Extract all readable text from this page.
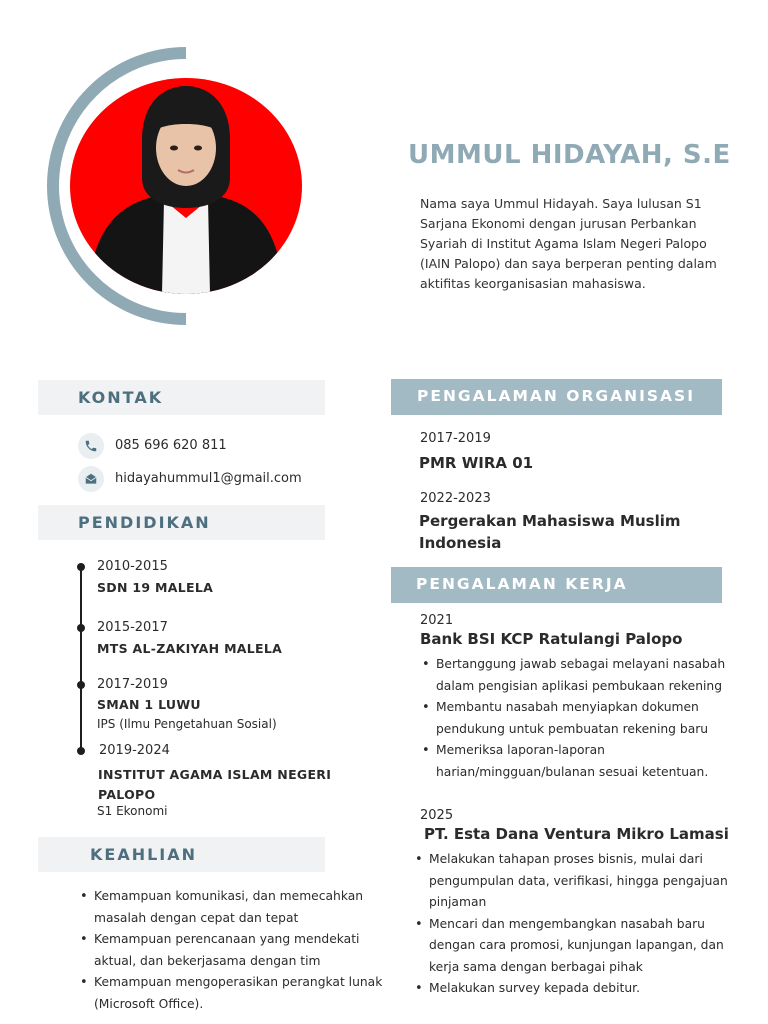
UMMUL HIDAYAH, S.E
Nama saya Ummul Hidayah. Saya lulusan S1 Sarjana Ekonomi dengan jurusan Perbankan Syariah di Institut Agama Islam Negeri Palopo (IAIN Palopo) dan saya berperan penting dalam aktifitas keorganisasian mahasiswa.
KONTAK
085 696 620 811
hidayahummul1@gmail.com
PENDIDIKAN
2010-2015
SDN 19 MALELA
2015-2017
MTS AL-ZAKIYAH MALELA
2017-2019
SMAN 1 LUWU
IPS (Ilmu Pengetahuan Sosial)
2019-2024
INSTITUT AGAMA ISLAM NEGERI PALOPO
S1 Ekonomi
KEAHLIAN
• Kemampuan komunikasi, dan memecahkan masalah dengan cepat dan tepat
• Kemampuan perencanaan yang mendekati aktual, dan bekerjasama dengan tim
• Kemampuan mengoperasikan perangkat lunak (Microsoft Office).
PENGALAMAN ORGANISASI
2017-2019
PMR WIRA 01
2022-2023
Pergerakan Mahasiswa Muslim Indonesia
PENGALAMAN KERJA
2021
Bank BSI KCP Ratulangi Palopo
• Bertanggung jawab sebagai melayani nasabah dalam pengisian aplikasi pembukaan rekening
• Membantu nasabah menyiapkan dokumen pendukung untuk pembuatan rekening baru
• Memeriksa laporan-laporan harian/mingguan/bulanan sesuai ketentuan.
2025
PT. Esta Dana Ventura Mikro Lamasi
• Melakukan tahapan proses bisnis, mulai dari pengumpulan data, verifikasi, hingga pengajuan pinjaman
• Mencari dan mengembangkan nasabah baru dengan cara promosi, kunjungan lapangan, dan kerja sama dengan berbagai pihak
• Melakukan survey kepada debitur.
